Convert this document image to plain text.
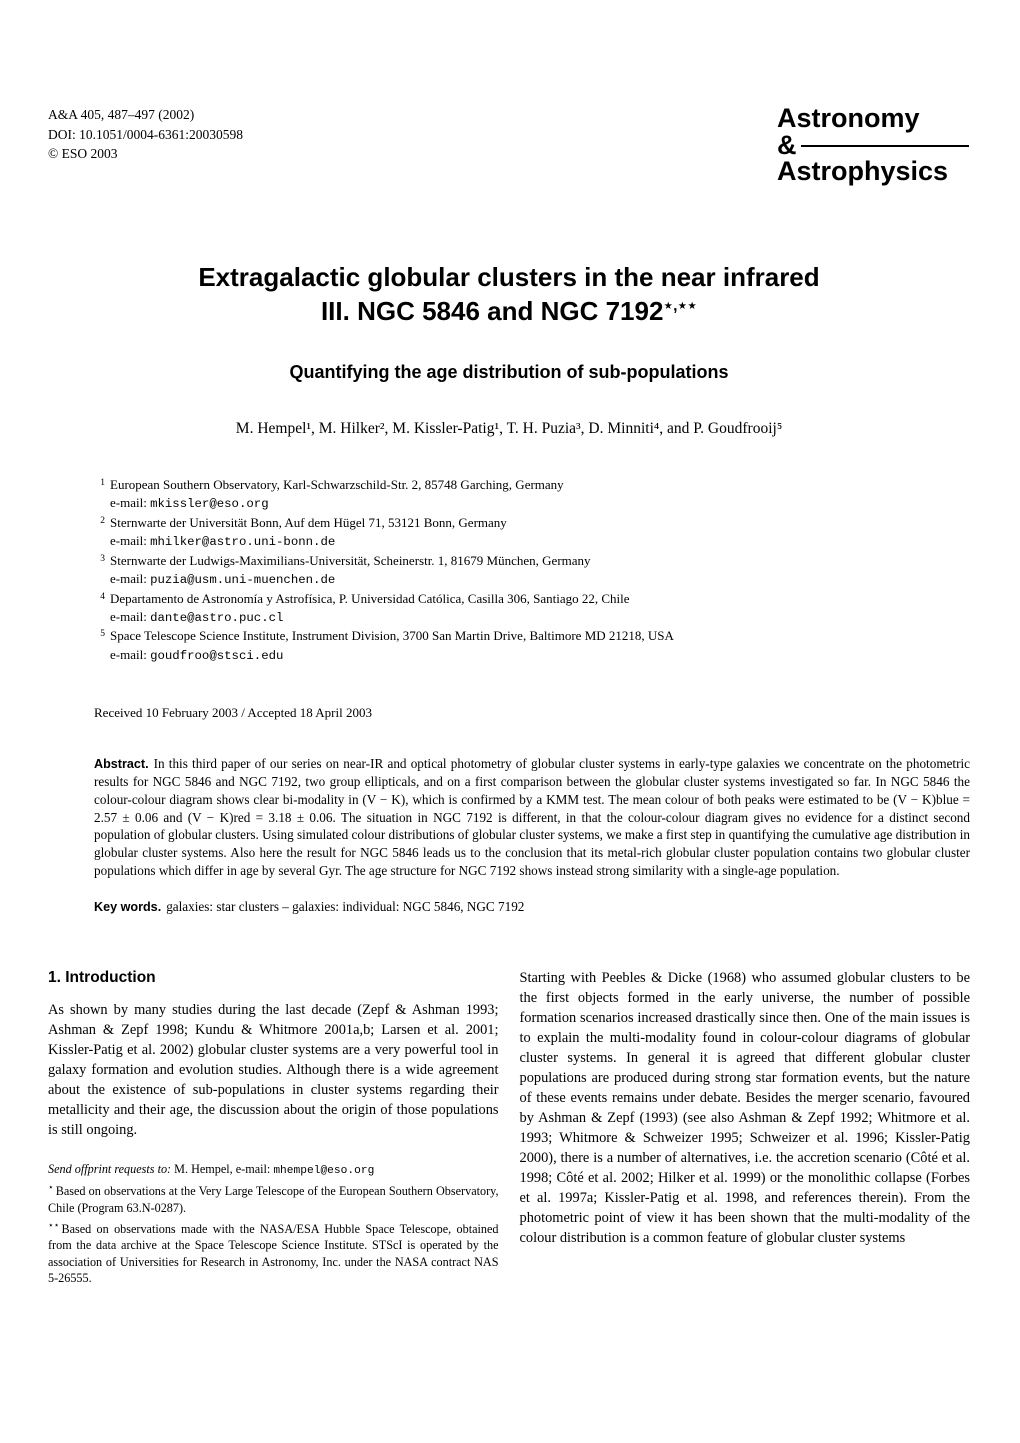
A&A 405, 487–497 (2002)
DOI: 10.1051/0004-6361:20030598
© ESO 2003
Astronomy
&
Astrophysics
Extragalactic globular clusters in the near infrared
III. NGC 5846 and NGC 7192⋆,⋆⋆
Quantifying the age distribution of sub-populations
M. Hempel¹, M. Hilker², M. Kissler-Patig¹, T. H. Puzia³, D. Minniti⁴, and P. Goudfrooij⁵
1 European Southern Observatory, Karl-Schwarzschild-Str. 2, 85748 Garching, Germany
e-mail: mkissler@eso.org
2 Sternwarte der Universität Bonn, Auf dem Hügel 71, 53121 Bonn, Germany
e-mail: mhilker@astro.uni-bonn.de
3 Sternwarte der Ludwigs-Maximilians-Universität, Scheinerstr. 1, 81679 München, Germany
e-mail: puzia@usm.uni-muenchen.de
4 Departamento de Astronomía y Astrofísica, P. Universidad Católica, Casilla 306, Santiago 22, Chile
e-mail: dante@astro.puc.cl
5 Space Telescope Science Institute, Instrument Division, 3700 San Martin Drive, Baltimore MD 21218, USA
e-mail: goudfroo@stsci.edu
Received 10 February 2003 / Accepted 18 April 2003

Abstract. In this third paper of our series on near-IR and optical photometry of globular cluster systems in early-type galaxies we concentrate on the photometric results for NGC 5846 and NGC 7192, two group ellipticals, and on a first comparison between the globular cluster systems investigated so far. In NGC 5846 the colour-colour diagram shows clear bi-modality in (V − K), which is confirmed by a KMM test. The mean colour of both peaks were estimated to be (V − K)blue = 2.57 ± 0.06 and (V − K)red = 3.18 ± 0.06. The situation in NGC 7192 is different, in that the colour-colour diagram gives no evidence for a distinct second population of globular clusters. Using simulated colour distributions of globular cluster systems, we make a first step in quantifying the cumulative age distribution in globular cluster systems. Also here the result for NGC 5846 leads us to the conclusion that its metal-rich globular cluster population contains two globular cluster populations which differ in age by several Gyr. The age structure for NGC 7192 shows instead strong similarity with a single-age population.

Key words. galaxies: star clusters – galaxies: individual: NGC 5846, NGC 7192

1. Introduction

As shown by many studies during the last decade (Zepf & Ashman 1993; Ashman & Zepf 1998; Kundu & Whitmore 2001a,b; Larsen et al. 2001; Kissler-Patig et al. 2002) globular cluster systems are a very powerful tool in galaxy formation and evolution studies. Although there is a wide agreement about the existence of sub-populations in cluster systems regarding their metallicity and their age, the discussion about the origin of those populations is still ongoing.

Send offprint requests to: M. Hempel, e-mail: mhempel@eso.org

⋆ Based on observations at the Very Large Telescope of the European Southern Observatory, Chile (Program 63.N-0287).

⋆⋆ Based on observations made with the NASA/ESA Hubble Space Telescope, obtained from the data archive at the Space Telescope Science Institute. STScI is operated by the association of Universities for Research in Astronomy, Inc. under the NASA contract NAS 5-26555.

Starting with Peebles & Dicke (1968) who assumed globular clusters to be the first objects formed in the early universe, the number of possible formation scenarios increased drastically since then. One of the main issues is to explain the multi-modality found in colour-colour diagrams of globular cluster systems. In general it is agreed that different globular cluster populations are produced during strong star formation events, but the nature of these events remains under debate. Besides the merger scenario, favoured by Ashman & Zepf (1993) (see also Ashman & Zepf 1992; Whitmore et al. 1993; Whitmore & Schweizer 1995; Schweizer et al. 1996; Kissler-Patig 2000), there is a number of alternatives, i.e. the accretion scenario (Côté et al. 1998; Côté et al. 2002; Hilker et al. 1999) or the monolithic collapse (Forbes et al. 1997a; Kissler-Patig et al. 1998, and references therein). From the photometric point of view it has been shown that the multi-modality of the colour distribution is a common feature of globular cluster systems
